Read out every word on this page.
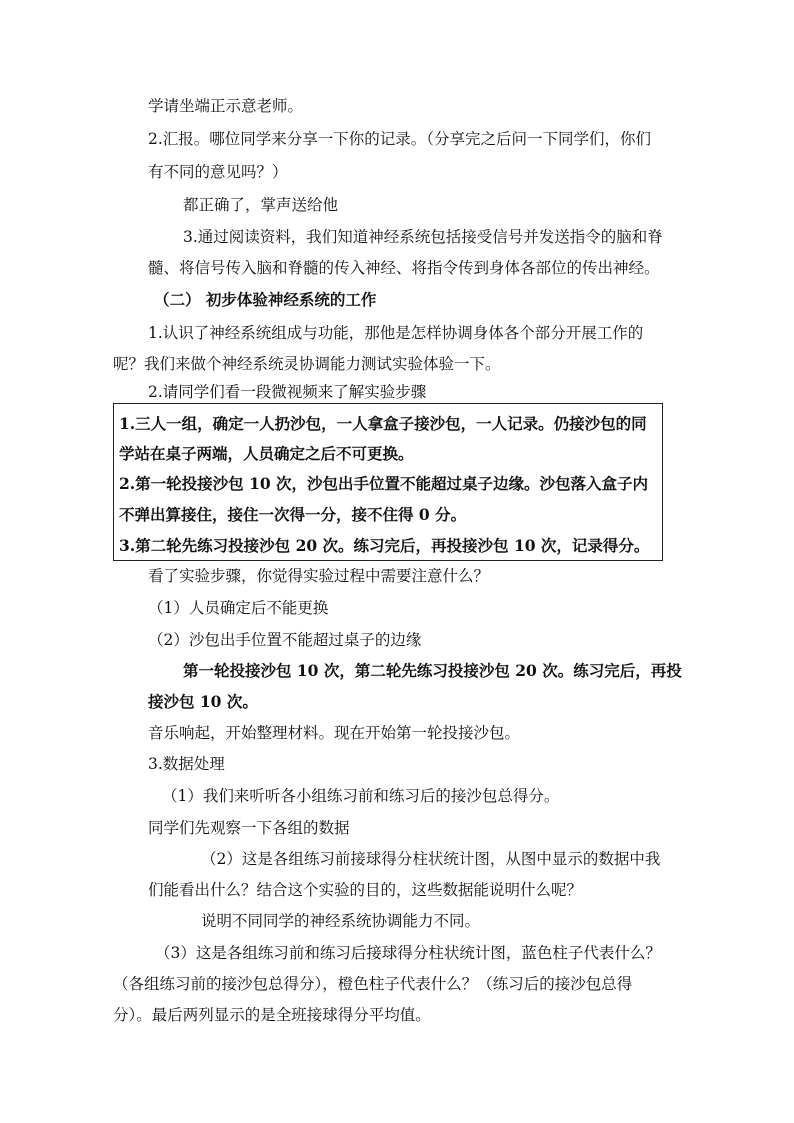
学请坐端正示意老师。
2.汇报。哪位同学来分享一下你的记录。（分享完之后问一下同学们，你们
有不同的意见吗？）
都正确了，掌声送给他
3.通过阅读资料，我们知道神经系统包括接受信号并发送指令的脑和脊
髓、将信号传入脑和脊髓的传入神经、将指令传到身体各部位的传出神经。
（二） 初步体验神经系统的工作
1.认识了神经系统组成与功能，那他是怎样协调身体各个部分开展工作的
呢？我们来做个神经系统灵协调能力测试实验体验一下。
2.请同学们看一段微视频来了解实验步骤
1.三人一组，确定一人扔沙包，一人拿盒子接沙包，一人记录。仍接沙包的同
学站在桌子两端，人员确定之后不可更换。
2.第一轮投接沙包 10 次，沙包出手位置不能超过桌子边缘。沙包落入盒子内
不弹出算接住，接住一次得一分，接不住得 0 分。
3.第二轮先练习投接沙包 20 次。练习完后，再投接沙包 10 次，记录得分。
看了实验步骤，你觉得实验过程中需要注意什么？
（1）人员确定后不能更换
（2）沙包出手位置不能超过桌子的边缘
第一轮投接沙包 10 次，第二轮先练习投接沙包 20 次。练习完后，再投
接沙包 10 次。
音乐响起，开始整理材料。现在开始第一轮投接沙包。
3.数据处理
（1）我们来听听各小组练习前和练习后的接沙包总得分。
同学们先观察一下各组的数据
（2）这是各组练习前接球得分柱状统计图，从图中显示的数据中我
们能看出什么？结合这个实验的目的，这些数据能说明什么呢？
说明不同同学的神经系统协调能力不同。
（3）这是各组练习前和练习后接球得分柱状统计图，蓝色柱子代表什么？
（各组练习前的接沙包总得分），橙色柱子代表什么？（练习后的接沙包总得
分）。最后两列显示的是全班接球得分平均值。
